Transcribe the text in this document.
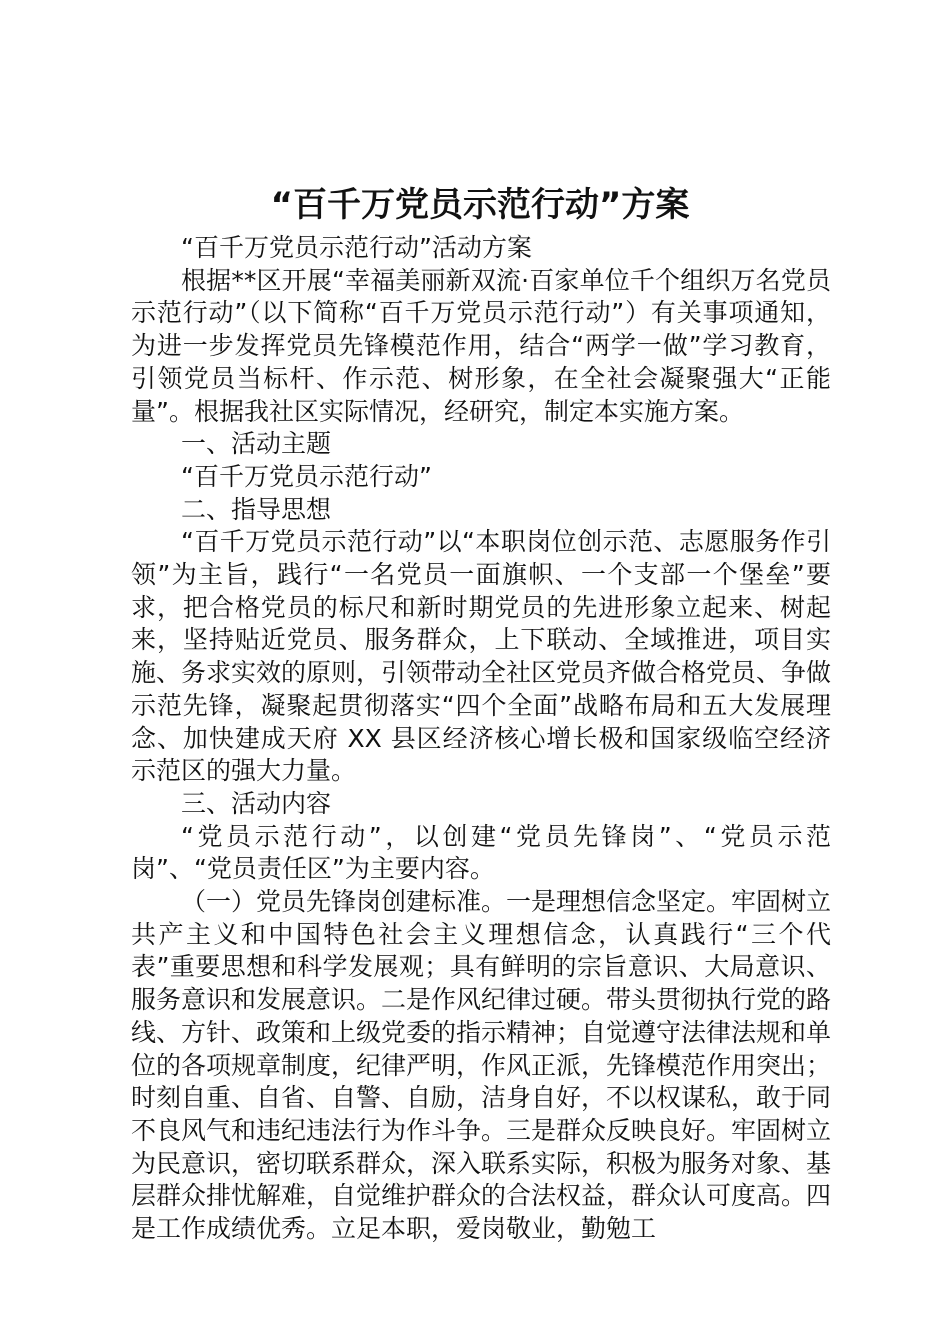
“百千万党员示范行动”方案

“百千万党员示范行动”活动方案

根据**区开展“幸福美丽新双流·百家单位千个组织万名党员示范行动”（以下简称“百千万党员示范行动”）有关事项通知，为进一步发挥党员先锋模范作用，结合“两学一做”学习教育，引领党员当标杆、作示范、树形象，在全社会凝聚强大“正能量”。根据我社区实际情况，经研究，制定本实施方案。

一、活动主题

“百千万党员示范行动”

二、指导思想

“百千万党员示范行动”以“本职岗位创示范、志愿服务作引领”为主旨，践行“一名党员一面旗帜、一个支部一个堡垒”要求，把合格党员的标尺和新时期党员的先进形象立起来、树起来，坚持贴近党员、服务群众，上下联动、全域推进，项目实施、务求实效的原则，引领带动全社区党员齐做合格党员、争做示范先锋，凝聚起贯彻落实“四个全面”战略布局和五大发展理念、加快建成天府 XX 县区经济核心增长极和国家级临空经济示范区的强大力量。

三、活动内容

“党员示范行动”，以创建“党员先锋岗”、“党员示范岗”、“党员责任区”为主要内容。

（一）党员先锋岗创建标准。一是理想信念坚定。牢固树立共产主义和中国特色社会主义理想信念，认真践行“三个代表”重要思想和科学发展观；具有鲜明的宗旨意识、大局意识、服务意识和发展意识。二是作风纪律过硬。带头贯彻执行党的路线、方针、政策和上级党委的指示精神；自觉遵守法律法规和单位的各项规章制度，纪律严明，作风正派，先锋模范作用突出；时刻自重、自省、自警、自励，洁身自好，不以权谋私，敢于同不良风气和违纪违法行为作斗争。三是群众反映良好。牢固树立为民意识，密切联系群众，深入联系实际，积极为服务对象、基层群众排忧解难，自觉维护群众的合法权益，群众认可度高。四是工作成绩优秀。立足本职，爱岗敬业，勤勉工
